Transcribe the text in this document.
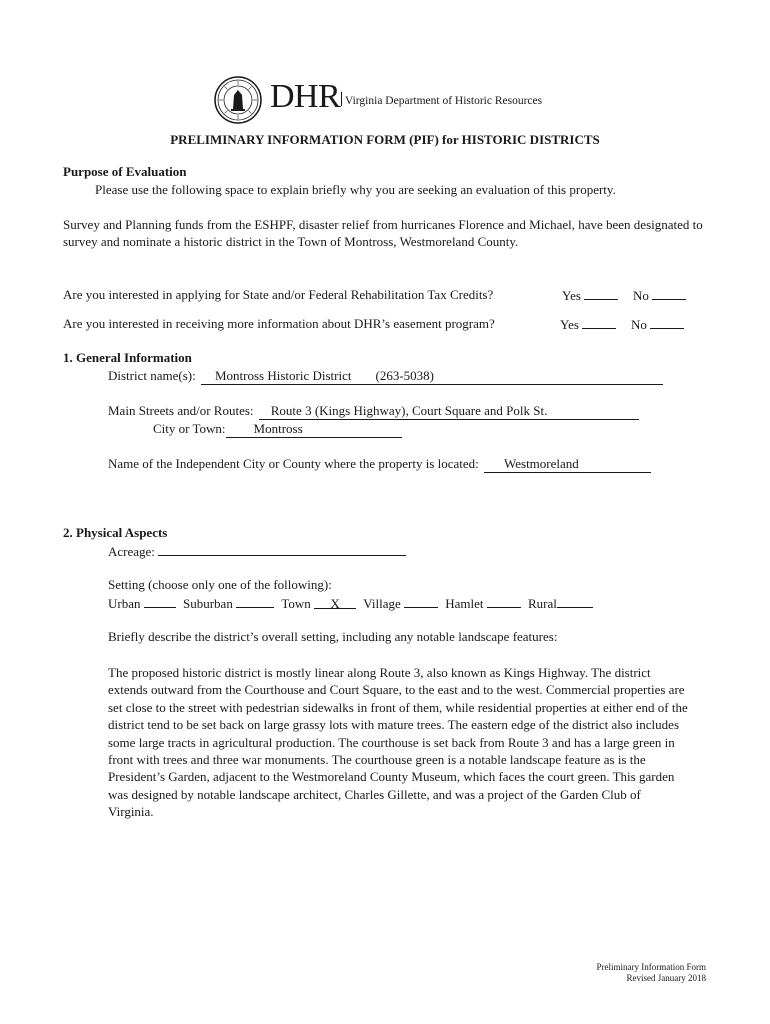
DHR Virginia Department of Historic Resources
PRELIMINARY INFORMATION FORM (PIF) for HISTORIC DISTRICTS
Purpose of Evaluation
Please use the following space to explain briefly why you are seeking an evaluation of this property.
Survey and Planning funds from the ESHPF, disaster relief from hurricanes Florence and Michael, have been designated to survey and nominate a historic district in the Town of Montross, Westmoreland County.
Are you interested in applying for State and/or Federal Rehabilitation Tax Credits?	Yes	No
Are you interested in receiving more information about DHR’s easement program?	Yes	No
1. General Information
District name(s): Montross Historic District (263-5038)
Main Streets and/or Routes: Route 3 (Kings Highway), Court Square and Polk St.
City or Town: Montross
Name of the Independent City or County where the property is located: Westmoreland
2. Physical Aspects
Acreage:
Setting (choose only one of the following):
Urban	Suburban	Town X Village	Hamlet	Rural
Briefly describe the district’s overall setting, including any notable landscape features:
The proposed historic district is mostly linear along Route 3, also known as Kings Highway. The district extends outward from the Courthouse and Court Square, to the east and to the west. Commercial properties are set close to the street with pedestrian sidewalks in front of them, while residential properties at either end of the district tend to be set back on large grassy lots with mature trees. The eastern edge of the district also includes some large tracts in agricultural production. The courthouse is set back from Route 3 and has a large green in front with trees and three war monuments. The courthouse green is a notable landscape feature as is the President’s Garden, adjacent to the Westmoreland County Museum, which faces the court green. This garden was designed by notable landscape architect, Charles Gillette, and was a project of the Garden Club of Virginia.
Preliminary Information Form
Revised January 2018
